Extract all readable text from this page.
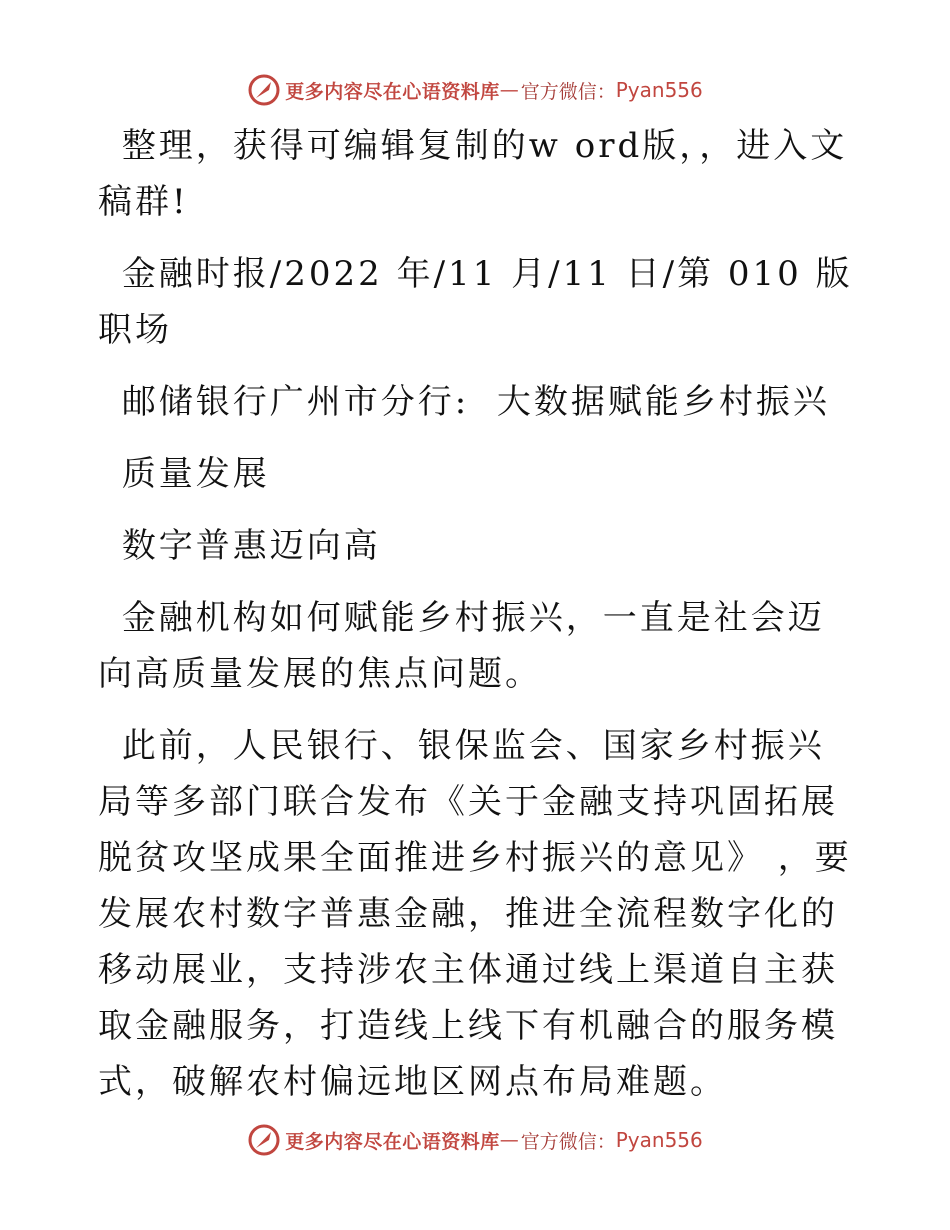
更多内容尽在心语资料库 — 官方微信： Pyan556

整理，获得可编辑复制的w ord版，，进入文稿群!

金融时报/2022 年/11 月/11 日/第 010 版职场

邮储银行广州市分行:  大数据赋能乡村振兴

质量发展

数字普惠迈向高

金融机构如何赋能乡村振兴，一直是社会迈向高质量发展的焦点问题。

此前，人民银行、银保监会、国家乡村振兴局等多部门联合发布《关于金融支持巩固拓展脱贫攻坚成果全面推进乡村振兴的意见》 ，要发展农村数字普惠金融，推进全流程数字化的移动展业，支持涉农主体通过线上渠道自主获取金融服务，打造线上线下有机融合的服务模式，破解农村偏远地区网点布局难题。

更多内容尽在心语资料库 — 官方微信： Pyan556
